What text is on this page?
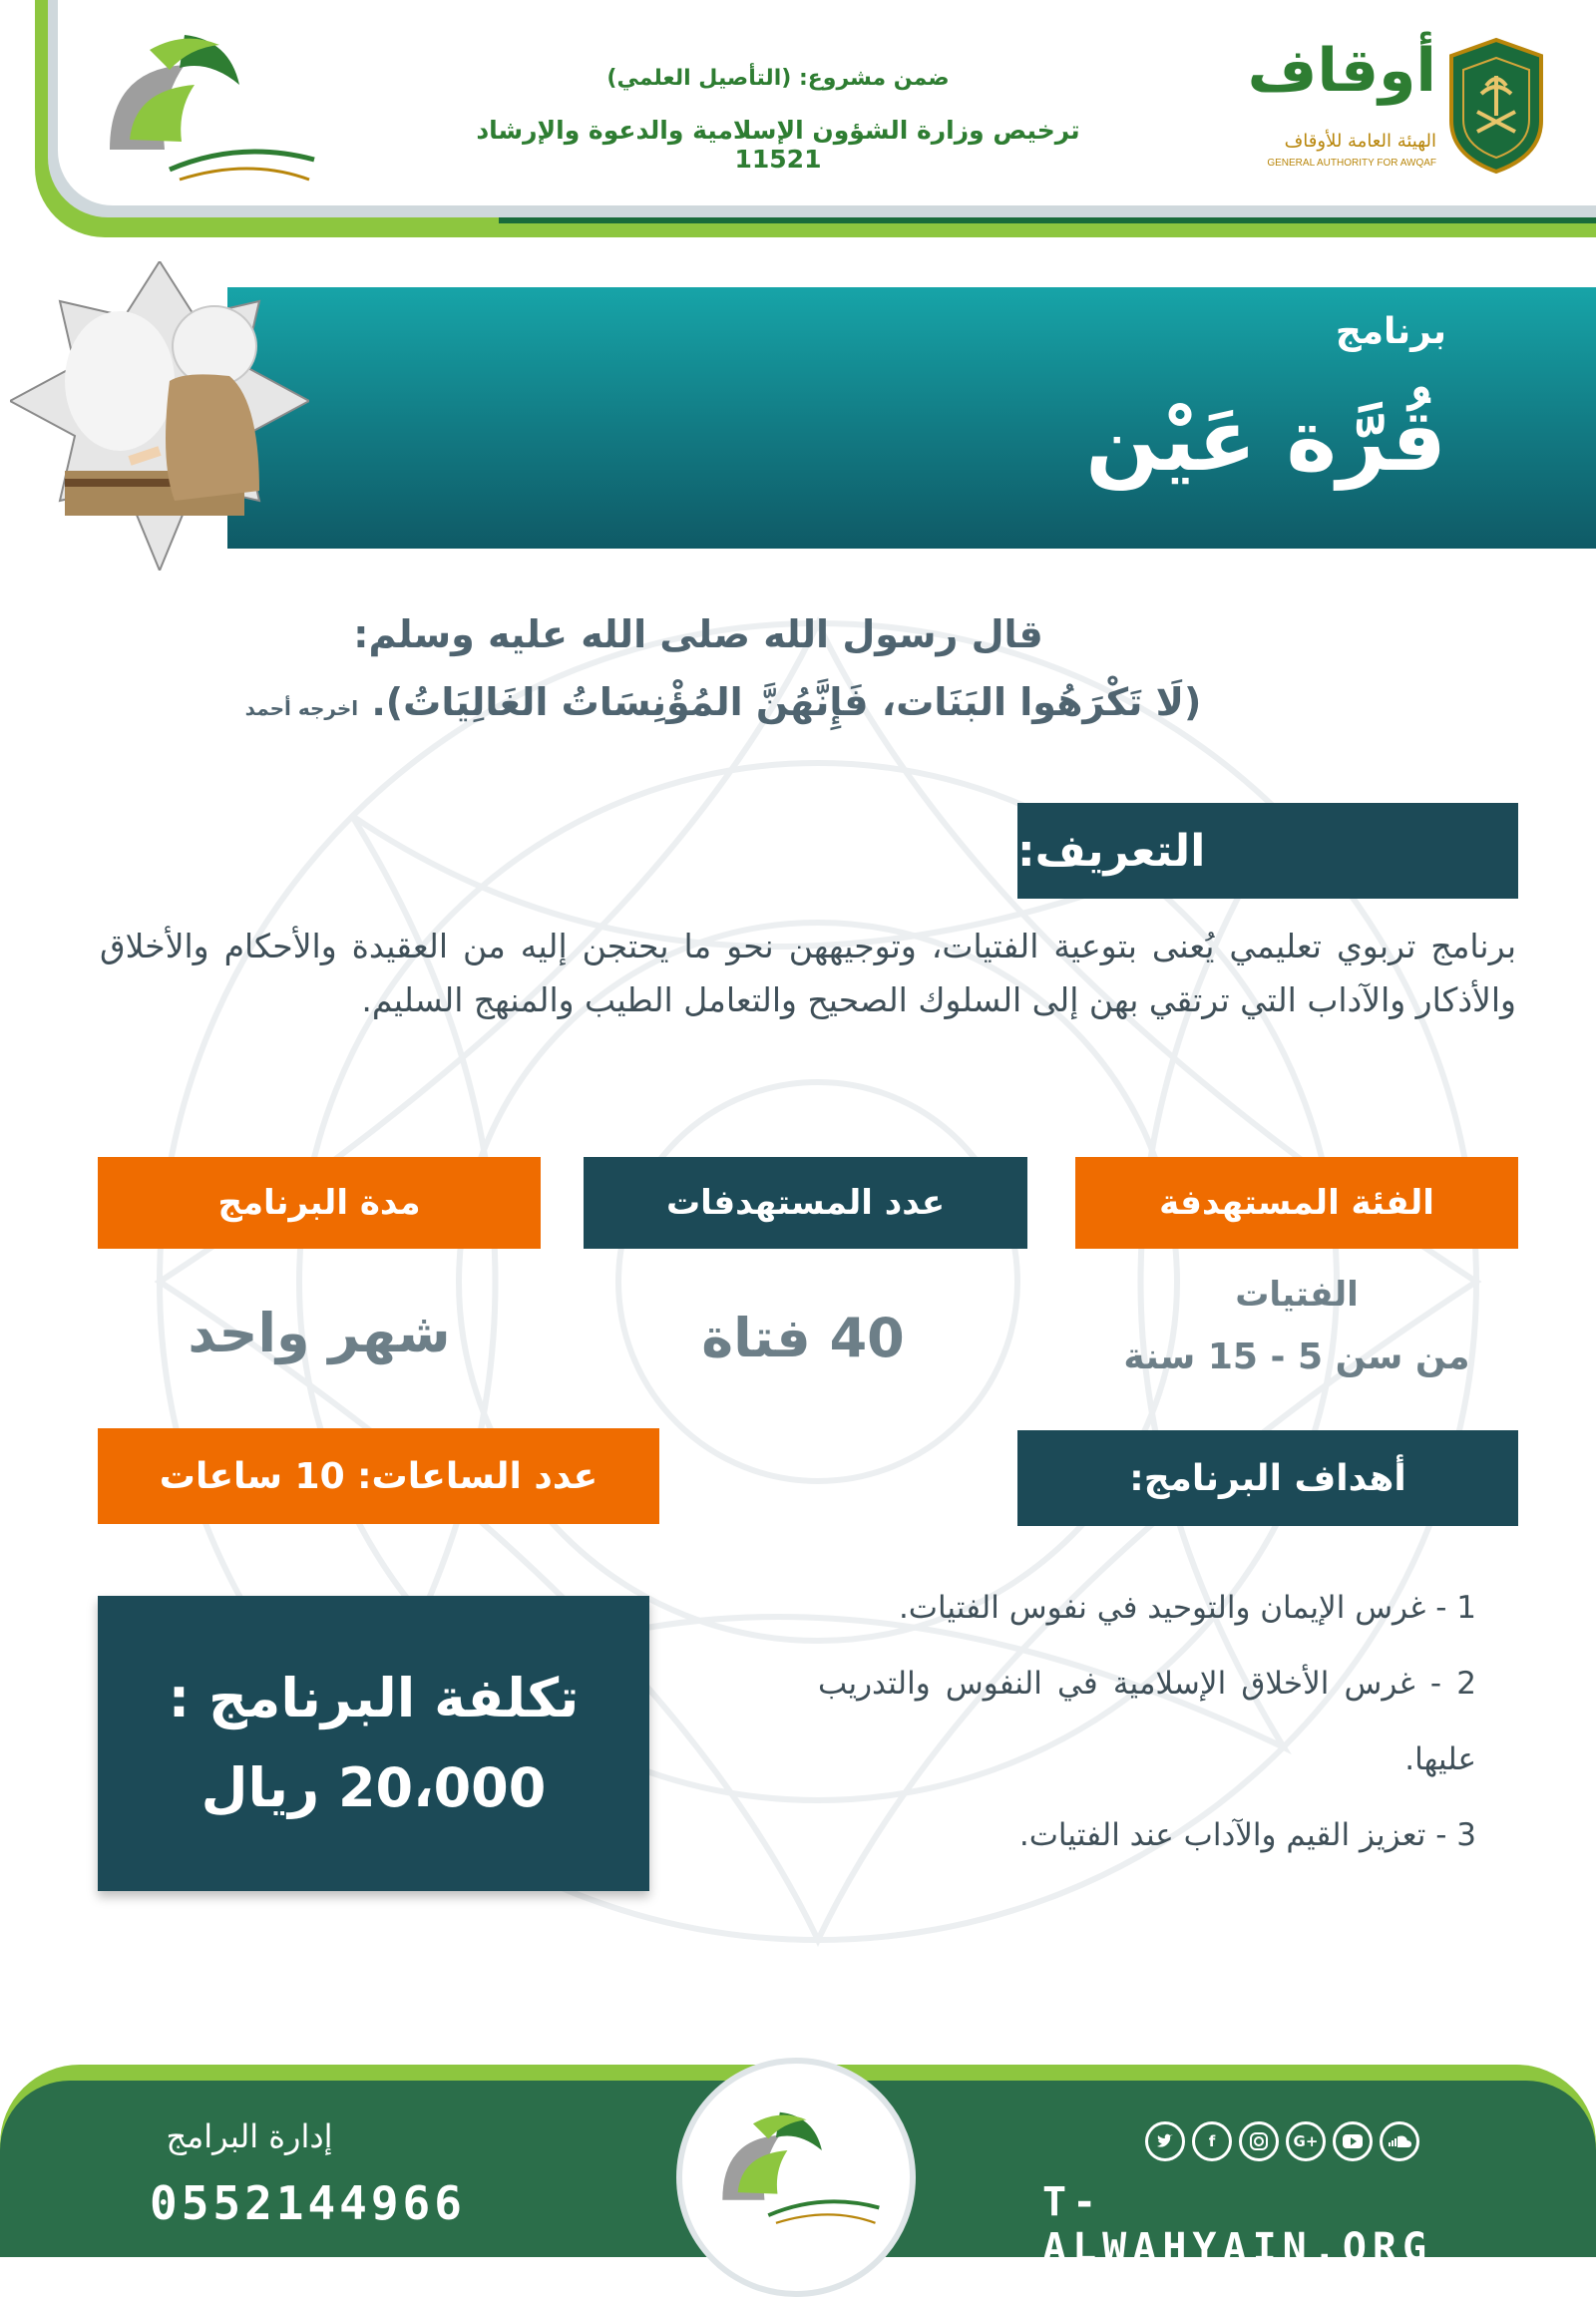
ضمن مشروع: (التأصيل العلمي)
ترخيص وزارة الشؤون الإسلامية والدعوة والإرشاد 11521
أوقاف
الهيئة العامة للأوقاف
GENERAL AUTHORITY FOR AWQAF
برنامج
قُرَّة عَيْن
قال رسول الله صلى الله عليه وسلم:
(لَا تَكْرَهُوا البَنَات، فَإِنَّهُنَّ المُؤْنِسَاتُ الغَالِيَاتُ). اخرجه أحمد
التعريف:
برنامج تربوي تعليمي يُعنى بتوعية الفتيات، وتوجيههن نحو ما يحتجن إليه من العقيدة والأحكام والأخلاق والأذكار والآداب التي ترتقي بهن إلى السلوك الصحيح والتعامل الطيب والمنهج السليم.
الفئة المستهدفة
عدد المستهدفات
مدة البرنامج
الفتيات
من سن 5 - 15 سنة
40 فتاة
شهر واحد
أهداف البرنامج:
عدد الساعات: 10 ساعات

1 - غرس الإيمان والتوحيد في نفوس الفتيات.

2 - غرس الأخلاق الإسلامية في النفوس والتدريب عليها.

3 - تعزيز القيم والآداب عند الفتيات.

تكلفة البرنامج :
20،000 ريال
إدارة البرامج
0552144966
f	G+
T-ALWAHYAIN.ORG
